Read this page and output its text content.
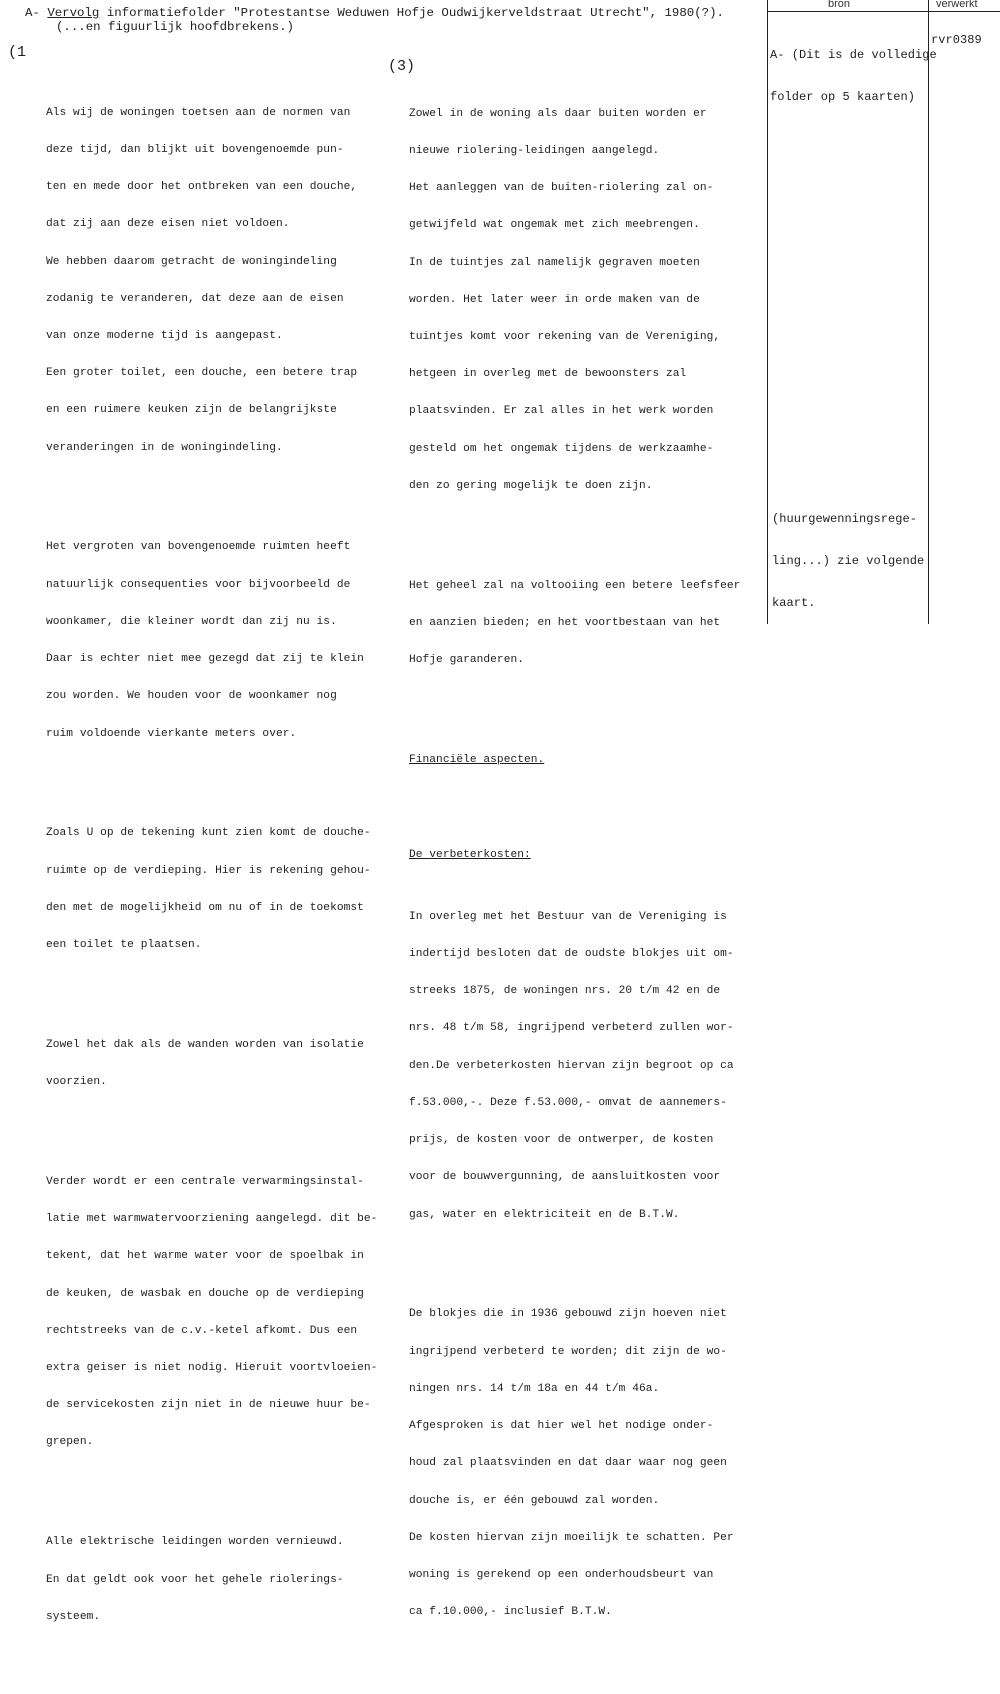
A- Vervolg informatiefolder "Protestantse Weduwen Hofje Oudwijkerveldstraat Utrecht", 1980(?).
(...en figuurlijk hoofdbrekens.)
bron	verwerkt

A- (Dit is de volledige

folder op 5 kaarten)

rvr0389

(huurgewenningsrege-

ling...) zie volgende

kaart.

(1

Als wij de woningen toetsen aan de normen van

deze tijd, dan blijkt uit bovengenoemde pun-

ten en mede door het ontbreken van een douche,

dat zij aan deze eisen niet voldoen.

We hebben daarom getracht de woningindeling

zodanig te veranderen, dat deze aan de eisen

van onze moderne tijd is aangepast.

Een groter toilet, een douche, een betere trap

en een ruimere keuken zijn de belangrijkste

veranderingen in de woningindeling.

Het vergroten van bovengenoemde ruimten heeft

natuurlijk consequenties voor bijvoorbeeld de

woonkamer, die kleiner wordt dan zij nu is.

Daar is echter niet mee gezegd dat zij te klein

zou worden. We houden voor de woonkamer nog

ruim voldoende vierkante meters over.

Zoals U op de tekening kunt zien komt de douche-

ruimte op de verdieping. Hier is rekening gehou-

den met de mogelijkheid om nu of in de toekomst

een toilet te plaatsen.

Zowel het dak als de wanden worden van isolatie

voorzien.

Verder wordt er een centrale verwarmingsinstal-

latie met warmwatervoorziening aangelegd. dit be-

tekent, dat het warme water voor de spoelbak in

de keuken, de wasbak en douche op de verdieping

rechtstreeks van de c.v.-ketel afkomt. Dus een

extra geiser is niet nodig. Hieruit voortvloeien-

de servicekosten zijn niet in de nieuwe huur be-

grepen.

Alle elektrische leidingen worden vernieuwd.

En dat geldt ook voor het gehele riolerings-

systeem.

(3)

Zowel in de woning als daar buiten worden er

nieuwe riolering-leidingen aangelegd.

Het aanleggen van de buiten-riolering zal on-

getwijfeld wat ongemak met zich meebrengen.

In de tuintjes zal namelijk gegraven moeten

worden. Het later weer in orde maken van de

tuintjes komt voor rekening van de Vereniging,

hetgeen in overleg met de bewoonsters zal

plaatsvinden. Er zal alles in het werk worden

gesteld om het ongemak tijdens de werkzaamhe-

den zo gering mogelijk te doen zijn.

Het geheel zal na voltooiing een betere leefsfeer

en aanzien bieden; en het voortbestaan van het

Hofje garanderen.

Financiële aspecten.

De verbeterkosten:

In overleg met het Bestuur van de Vereniging is

indertijd besloten dat de oudste blokjes uit om-

streeks 1875, de woningen nrs. 20 t/m 42 en de

nrs. 48 t/m 58, ingrijpend verbeterd zullen wor-

den.De verbeterkosten hiervan zijn begroot op ca

f.53.000,-. Deze f.53.000,- omvat de aannemers-

prijs, de kosten voor de ontwerper, de kosten

voor de bouwvergunning, de aansluitkosten voor

gas, water en elektriciteit en de B.T.W.

De blokjes die in 1936 gebouwd zijn hoeven niet

ingrijpend verbeterd te worden; dit zijn de wo-

ningen nrs. 14 t/m 18a en 44 t/m 46a.

Afgesproken is dat hier wel het nodige onder-

houd zal plaatsvinden en dat daar waar nog geen

douche is, er één gebouwd zal worden.

De kosten hiervan zijn moeilijk te schatten. Per

woning is gerekend op een onderhoudsbeurt van

ca f.10.000,- inclusief B.T.W.
